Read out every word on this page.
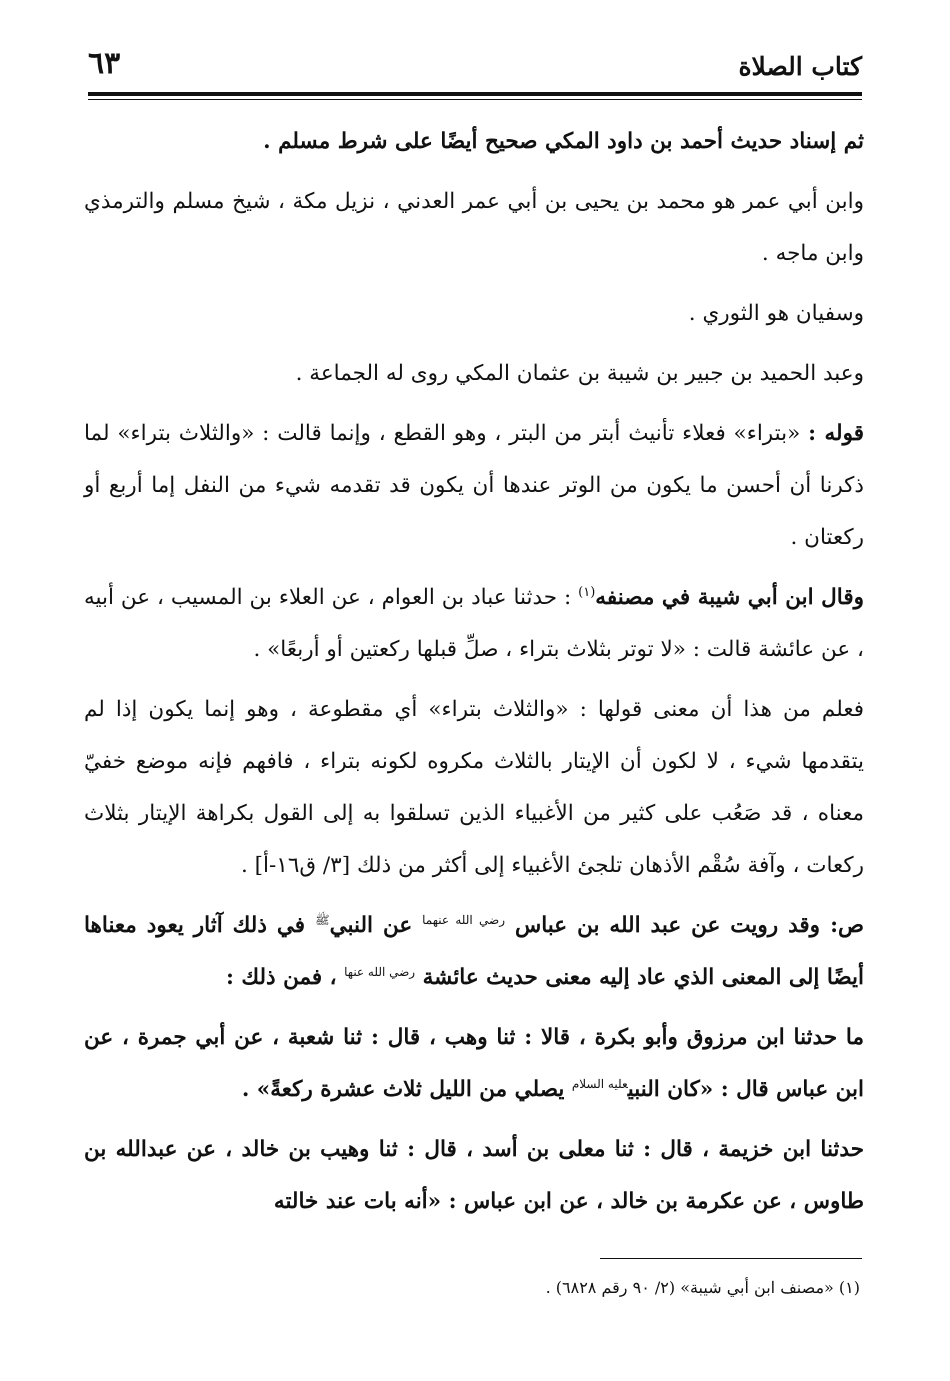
كتاب الصلاة
٦٣

ثم إسناد حديث أحمد بن داود المكي صحيح أيضًا على شرط مسلم .

وابن أبي عمر هو محمد بن يحيى بن أبي عمر العدني ، نزيل مكة ، شيخ مسلم والترمذي وابن ماجه .

وسفيان هو الثوري .

وعبد الحميد بن جبير بن شيبة بن عثمان المكي روى له الجماعة .

قوله : «بتراء» فعلاء تأنيث أبتر من البتر ، وهو القطع ، وإنما قالت : «والثلاث بتراء» لما ذكرنا أن أحسن ما يكون من الوتر عندها أن يكون قد تقدمه شيء من النفل إما أربع أو ركعتان .

وقال ابن أبي شيبة في مصنفه$^{(١)}$ : حدثنا عباد بن العوام ، عن العلاء بن المسيب ، عن أبيه ، عن عائشة قالت : «لا توتر بثلاث بتراء ، صلِّ قبلها ركعتين أو أربعًا» .

فعلم من هذا أن معنى قولها : «والثلاث بتراء» أي مقطوعة ، وهو إنما يكون إذا لم يتقدمها شيء ، لا لكون أن الإيتار بالثلاث مكروه لكونه بتراء ، فافهم فإنه موضع خفيّ معناه ، قد صَعُب على كثير من الأغبياء الذين تسلقوا به إلى القول بكراهة الإيتار بثلاث ركعات ، وآفة سُقْم الأذهان تلجئ الأغبياء إلى أكثر من ذلك [٣/ ق١٦-أ] .

ص: وقد رويت عن عبد الله بن عباس $^{رضي الله عنهما}$ عن النبي$^ﷺ$ في ذلك آثار يعود معناها أيضًا إلى المعنى الذي عاد إليه معنى حديث عائشة $^{رضي الله عنها}$ ، فمن ذلك :

ما حدثنا ابن مرزوق وأبو بكرة ، قالا : ثنا وهب ، قال : ثنا شعبة ، عن أبي جمرة ، عن ابن عباس قال : «كان النبي$^{عليه السلام}$ يصلي من الليل ثلاث عشرة ركعةً» .

حدثنا ابن خزيمة ، قال : ثنا معلى بن أسد ، قال : ثنا وهيب بن خالد ، عن عبدالله بن طاوس ، عن عكرمة بن خالد ، عن ابن عباس : «أنه بات عند خالته

(١) «مصنف ابن أبي شيبة» (٢/ ٩٠ رقم ٦٨٢٨) .
